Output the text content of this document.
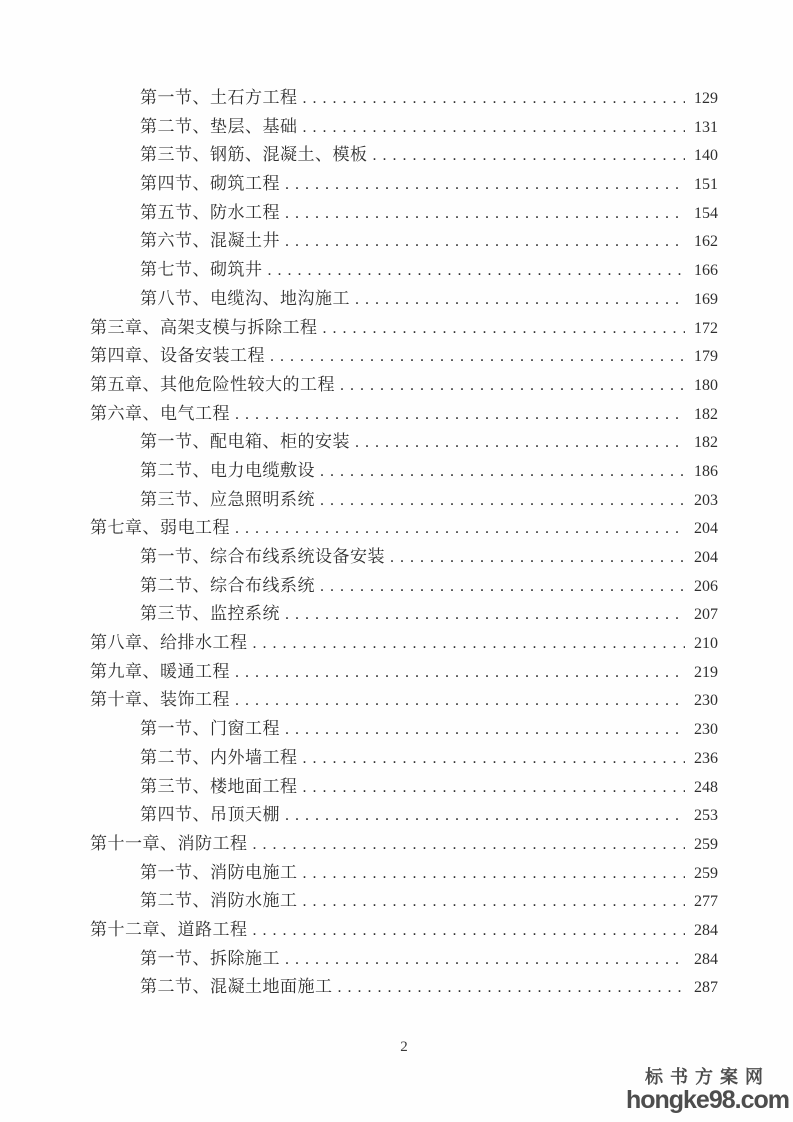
第一节、土石方工程 .....	129
第二节、垫层、基础 .....	131
第三节、钢筋、混凝土、模板 .....	140
第四节、砌筑工程 .....	151
第五节、防水工程 .....	154
第六节、混凝土井 .....	162
第七节、砌筑井 .....	166
第八节、电缆沟、地沟施工 .....	169
第三章、高架支模与拆除工程 .....	172
第四章、设备安装工程 .....	179
第五章、其他危险性较大的工程 .....	180
第六章、电气工程 .....	182
第一节、配电箱、柜的安装 .....	182
第二节、电力电缆敷设 .....	186
第三节、应急照明系统 .....	203
第七章、弱电工程 .....	204
第一节、综合布线系统设备安装 .....	204
第二节、综合布线系统 .....	206
第三节、监控系统 .....	207
第八章、给排水工程 .....	210
第九章、暖通工程 .....	219
第十章、装饰工程 .....	230
第一节、门窗工程 .....	230
第二节、内外墙工程 .....	236
第三节、楼地面工程 .....	248
第四节、吊顶天棚 .....	253
第十一章、消防工程 .....	259
第一节、消防电施工 .....	259
第二节、消防水施工 .....	277
第十二章、道路工程 .....	284
第一节、拆除施工 .....	284
第二节、混凝土地面施工 .....	287
2
标书方案网
hongke98.com
